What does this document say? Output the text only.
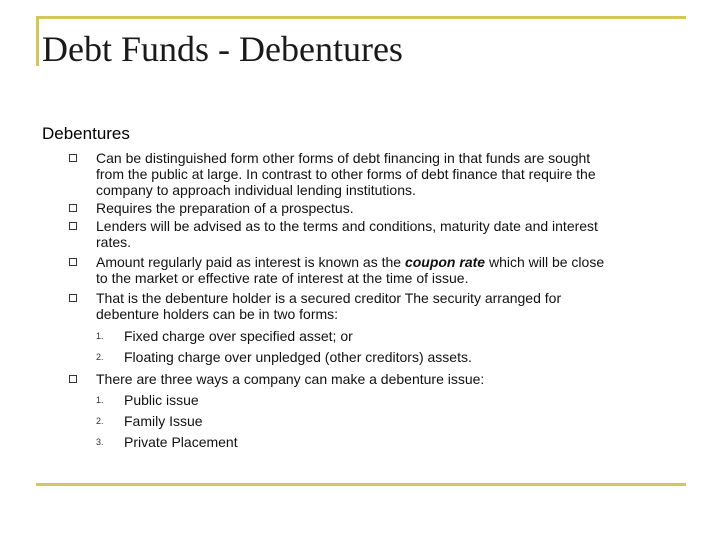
Debt Funds - Debentures
Debentures
Can be distinguished form other forms of debt financing in that funds are sought
from the public at large. In contrast to other forms of debt finance that require the
company to approach individual lending institutions.
Requires the preparation of a prospectus.
Lenders will be advised as to the terms and conditions, maturity date and interest
rates.
Amount regularly paid as interest is known as the coupon rate which will be close
to the market or effective rate of interest at the time of issue.
That is the debenture holder is a secured creditor The security arranged for
debenture holders can be in two forms:
1. Fixed charge over specified asset; or
2. Floating charge over unpledged (other creditors) assets.
There are three ways a company can make a debenture issue:
1. Public issue
2. Family Issue
3. Private Placement
